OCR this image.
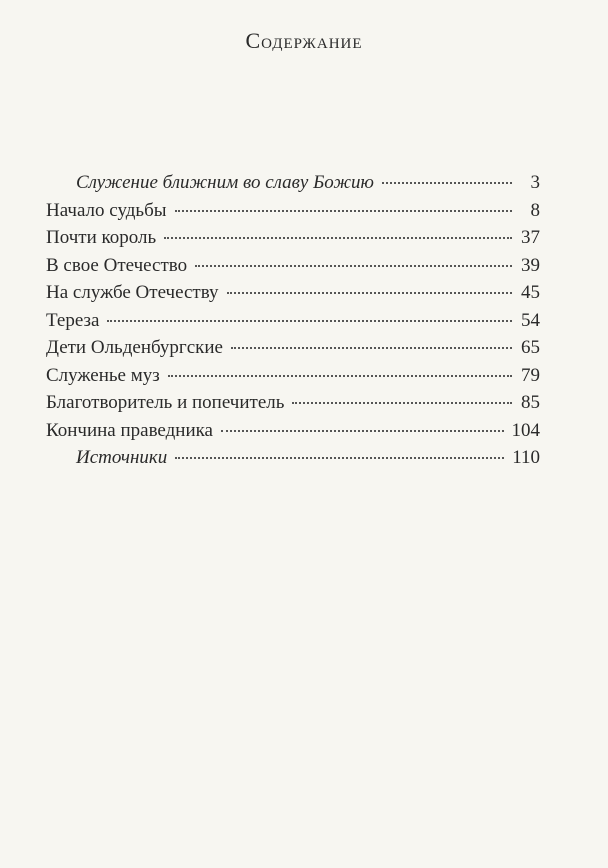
Содержание
Служение ближним во славу Божию	3
Начало судьбы	8
Почти король	37
В свое Отечество	39
На службе Отечеству	45
Тереза	54
Дети Ольденбургские	65
Служенье муз	79
Благотворитель и попечитель	85
Кончина праведника	104
Источники	110
